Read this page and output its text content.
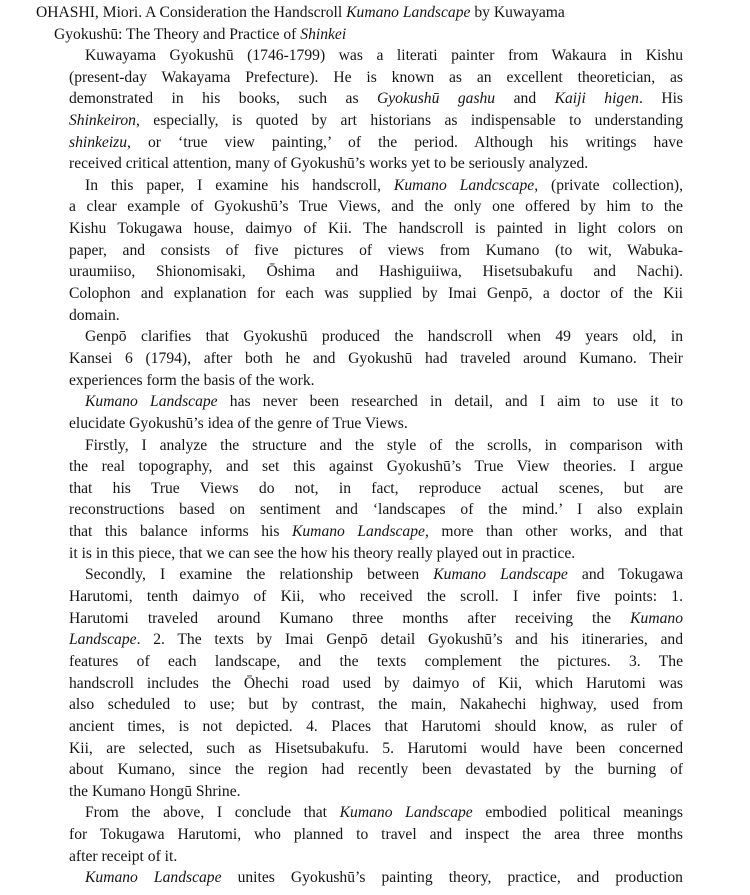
OHASHI, Miori. A Consideration the Handscroll Kumano Landscape by Kuwayama
Gyokushū: The Theory and Practice of Shinkei
Kuwayama Gyokushū (1746-1799) was a literati painter from Wakaura in Kishu
(present-day Wakayama Prefecture). He is known as an excellent theoretician, as
demonstrated in his books, such as Gyokushū gashu and Kaiji higen. His
Shinkeiron, especially, is quoted by art historians as indispensable to understanding
shinkeizu, or ‘true view painting,’ of the period. Although his writings have
received critical attention, many of Gyokushū’s works yet to be seriously analyzed.
In this paper, I examine his handscroll, Kumano Landcscape, (private collection),
a clear example of Gyokushū’s True Views, and the only one offered by him to the
Kishu Tokugawa house, daimyo of Kii. The handscroll is painted in light colors on
paper, and consists of five pictures of views from Kumano (to wit, Wabuka-
uraumiiso, Shionomisaki, Ōshima and Hashiguiiwa, Hisetsubakufu and Nachi).
Colophon and explanation for each was supplied by Imai Genpō, a doctor of the Kii
domain.
Genpō clarifies that Gyokushū produced the handscroll when 49 years old, in
Kansei 6 (1794), after both he and Gyokushū had traveled around Kumano. Their
experiences form the basis of the work.
Kumano Landscape has never been researched in detail, and I aim to use it to
elucidate Gyokushū’s idea of the genre of True Views.
Firstly, I analyze the structure and the style of the scrolls, in comparison with
the real topography, and set this against Gyokushū’s True View theories. I argue
that his True Views do not, in fact, reproduce actual scenes, but are
reconstructions based on sentiment and ‘landscapes of the mind.’ I also explain
that this balance informs his Kumano Landscape, more than other works, and that
it is in this piece, that we can see the how his theory really played out in practice.
Secondly, I examine the relationship between Kumano Landscape and Tokugawa
Harutomi, tenth daimyo of Kii, who received the scroll. I infer five points: 1.
Harutomi traveled around Kumano three months after receiving the Kumano
Landscape. 2. The texts by Imai Genpō detail Gyokushū’s and his itineraries, and
features of each landscape, and the texts complement the pictures. 3. The
handscroll includes the Ōhechi road used by daimyo of Kii, which Harutomi was
also scheduled to use; but by contrast, the main, Nakahechi highway, used from
ancient times, is not depicted. 4. Places that Harutomi should know, as ruler of
Kii, are selected, such as Hisetsubakufu. 5. Harutomi would have been concerned
about Kumano, since the region had recently been devastated by the burning of
the Kumano Hongū Shrine.
From the above, I conclude that Kumano Landscape embodied political meanings
for Tokugawa Harutomi, who planned to travel and inspect the area three months
after receipt of it.
Kumano Landscape unites Gyokushū’s painting theory, practice, and production
